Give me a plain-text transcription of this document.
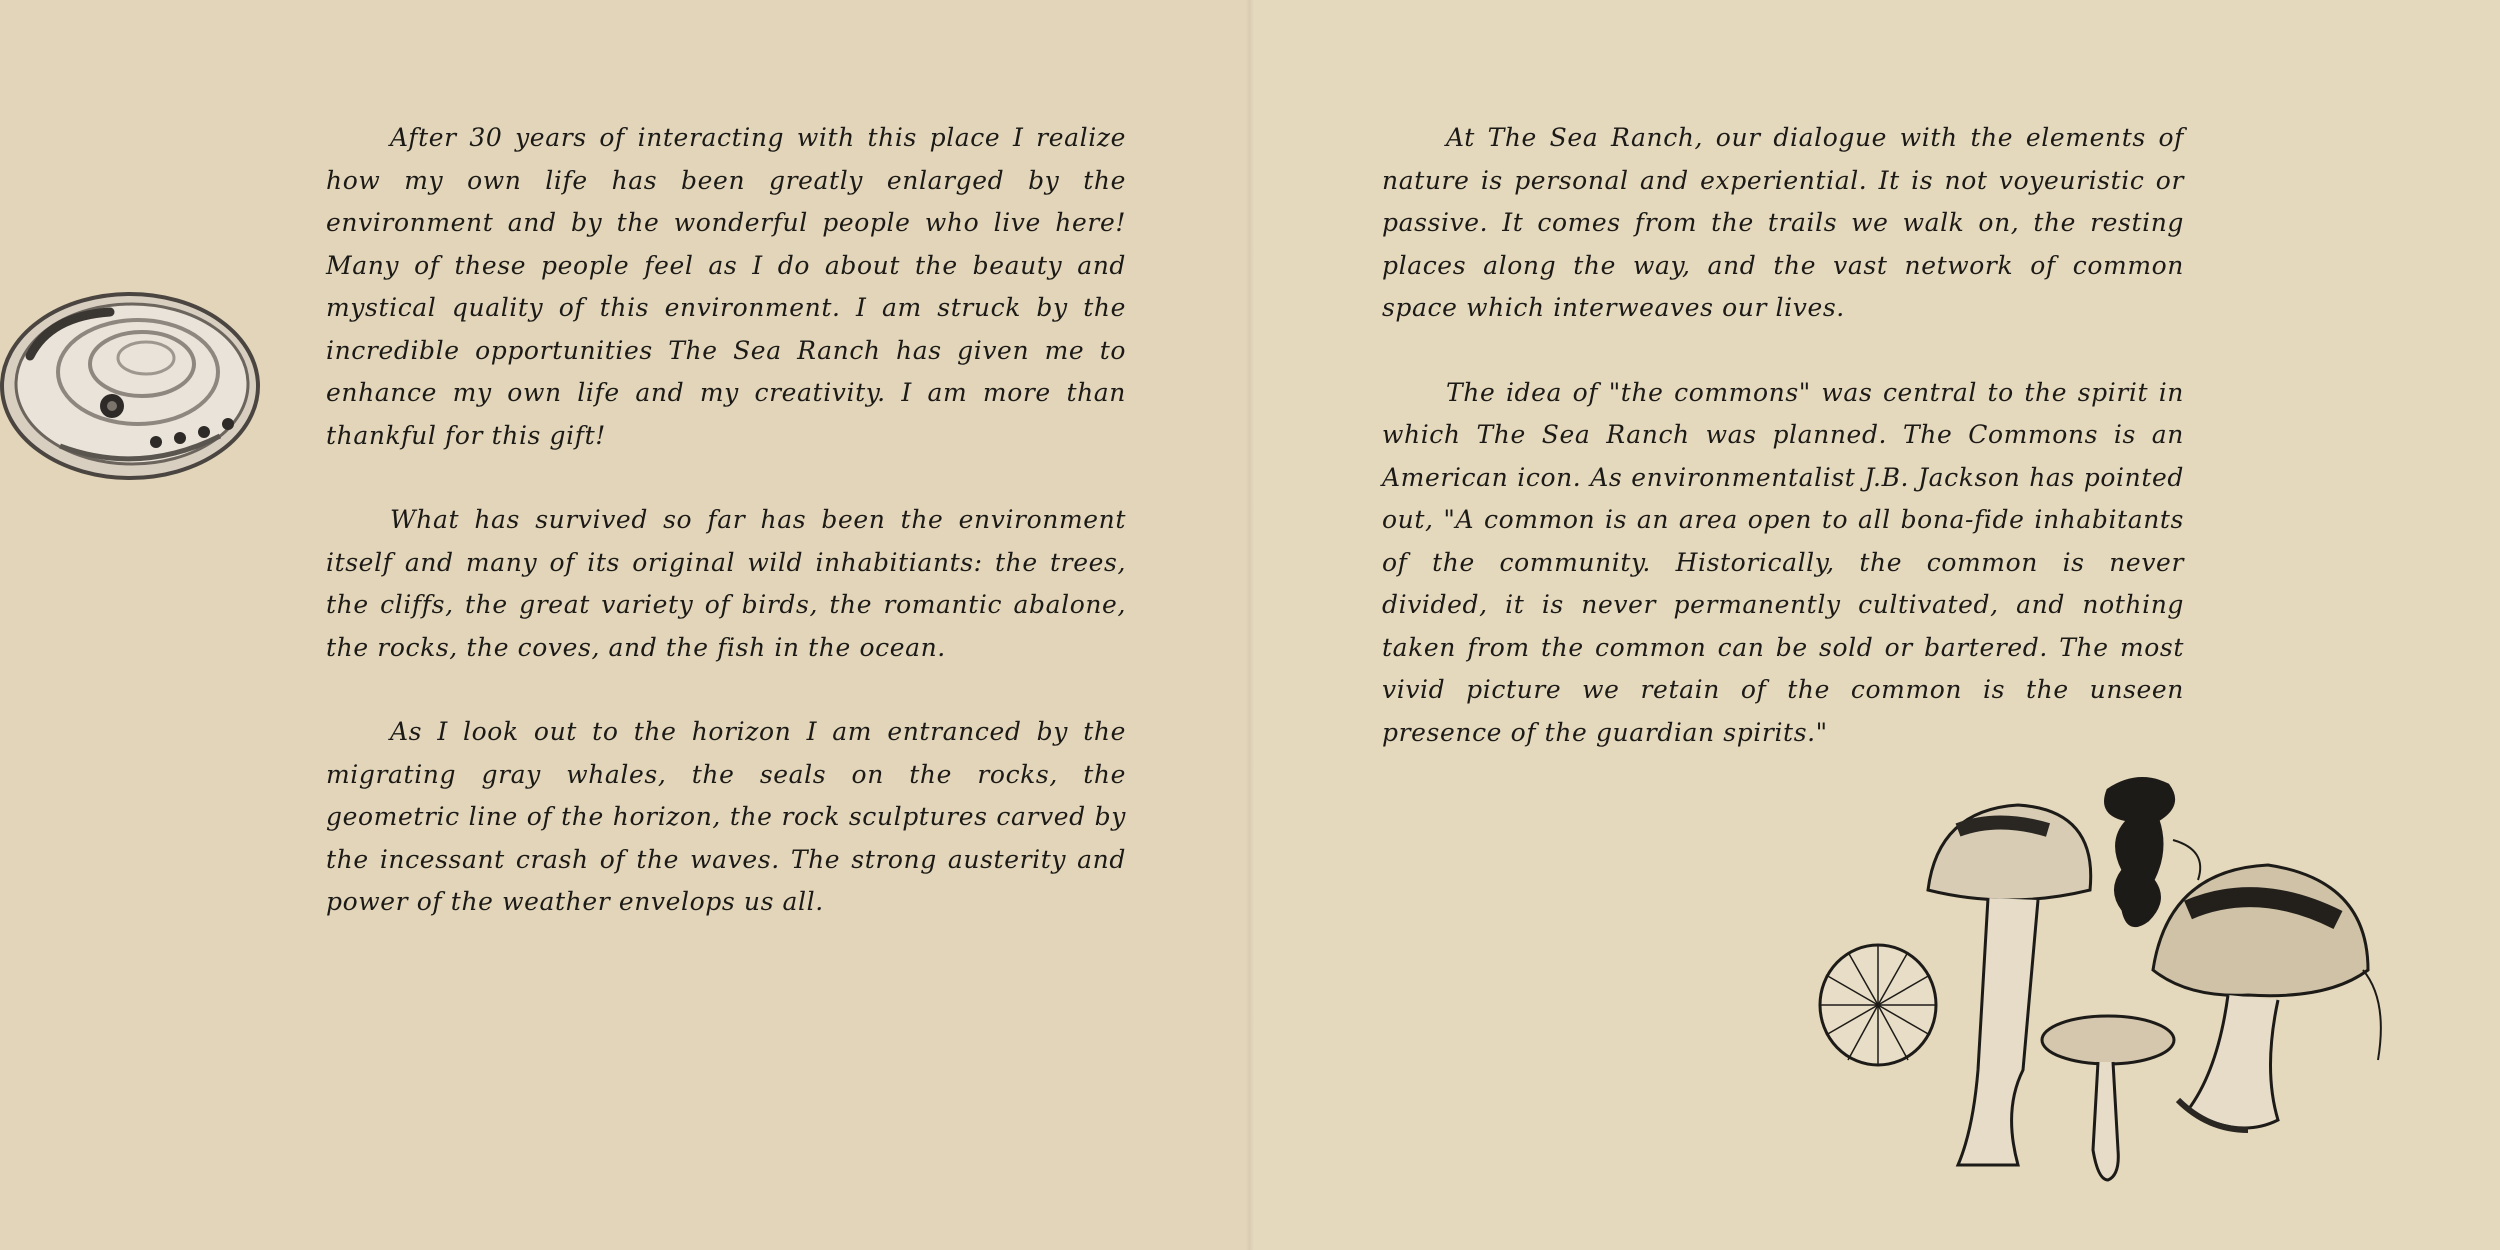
After 30 years of interacting with this place I realize how my own life has been greatly enlarged by the environment and by the wonderful people who live here! Many of these people feel as I do about the beauty and mystical quality of this environment. I am struck by the incredible opportunities The Sea Ranch has given me to enhance my own life and my creativity. I am more than thankful for this gift!

What has survived so far has been the environment itself and many of its original wild inhabitiants: the trees, the cliffs, the great variety of birds, the romantic abalone, the rocks, the coves, and the fish in the ocean.

As I look out to the horizon I am entranced by the migrating gray whales, the seals on the rocks, the geometric line of the horizon, the rock sculptures carved by the incessant crash of the waves. The strong austerity and power of the weather envelops us all.

At The Sea Ranch, our dialogue with the elements of nature is personal and experiential. It is not voyeuristic or passive. It comes from the trails we walk on, the resting places along the way, and the vast network of common space which interweaves our lives.

The idea of "the commons" was central to the spirit in which The Sea Ranch was planned. The Commons is an American icon. As environmentalist J.B. Jackson has pointed out, "A common is an area open to all bona-fide inhabitants of the community. Historically, the common is never divided, it is never permanently cultivated, and nothing taken from the common can be sold or bartered. The most vivid picture we retain of the common is the unseen presence of the guardian spirits."
